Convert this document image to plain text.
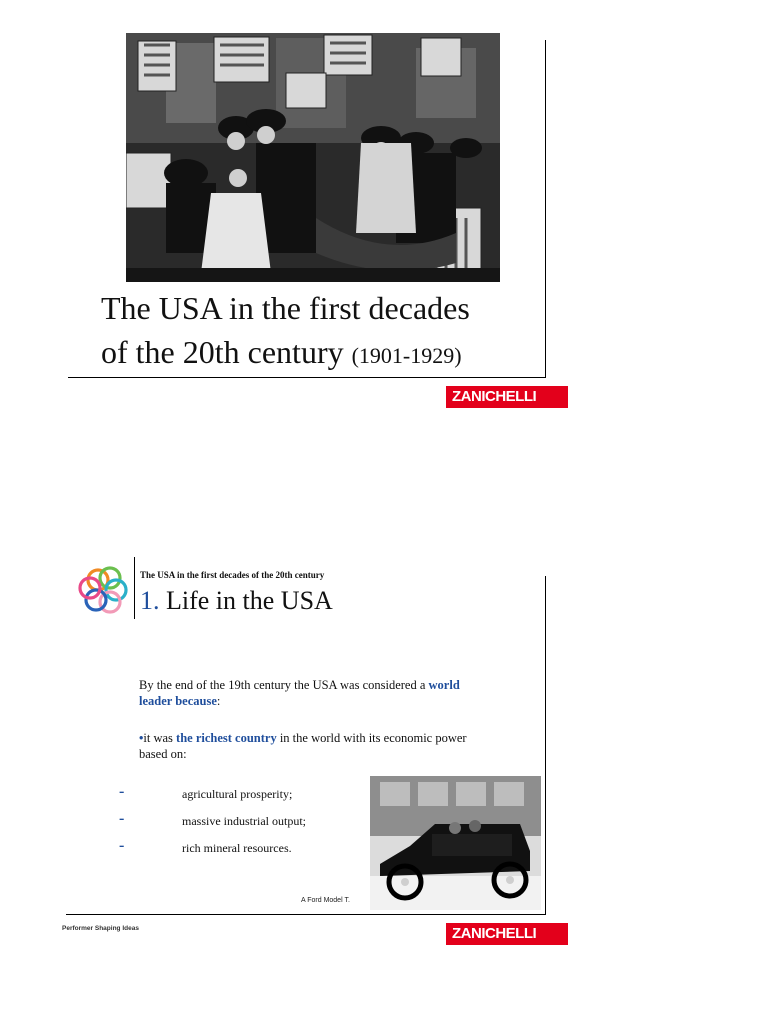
The USA in the first decades
of the 20th century (1901-1929)
ZANICHELLI
The USA in the first decades of the 20th century
1. Life in the USA
By the end of the 19th century the USA was considered a world leader because:
•it was the richest country in the world with its economic power based on:
-	agricultural prosperity;
-	massive industrial output;
-	rich mineral resources.
A Ford Model T.
Performer Shaping Ideas	ZANICHELLI
